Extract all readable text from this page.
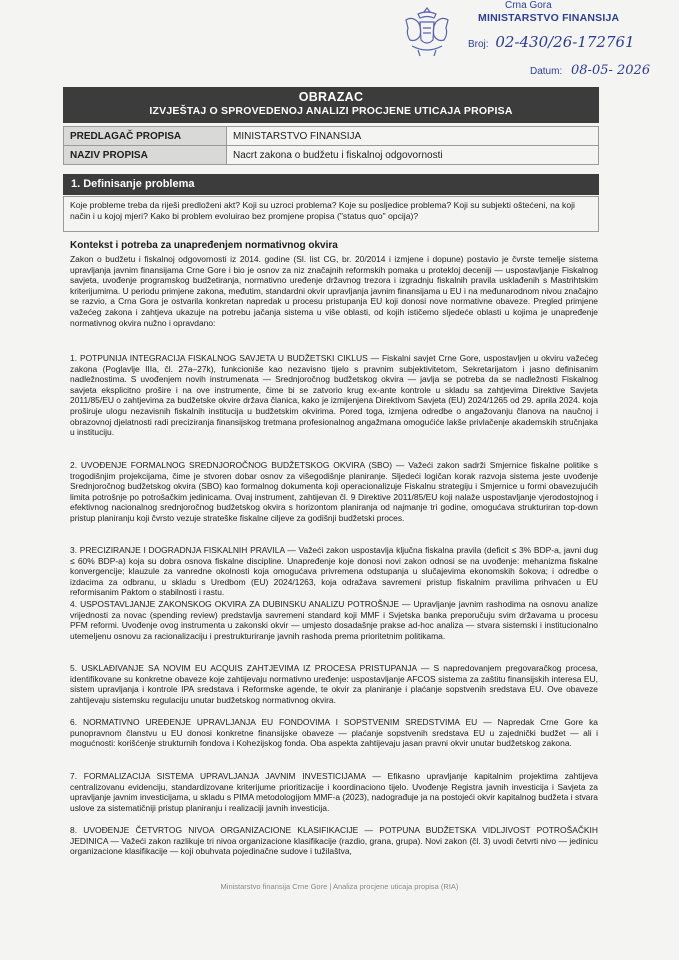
Crna Gora
MINISTARSTVO FINANSIJA
Broj: 02-430/26-172761
Datum: 08-05- 2026
OBRAZAC
IZVJEŠTAJ O SPROVEDENOJ ANALIZI PROCJENE UTICAJA PROPISA
PREDLAGAČ PROPISA	MINISTARSTVO FINANSIJA
NAZIV PROPISA	Nacrt zakona o budžetu i fiskalnoj odgovornosti
1. Definisanje problema
Koje probleme treba da riješi predloženi akt? Koji su uzroci problema? Koje su posljedice problema? Koji su subjekti oštećeni, na koji način i u kojoj mjeri? Kako bi problem evoluirao bez promjene propisa ("status quo" opcija)?
Kontekst i potreba za unapređenjem normativnog okvira

Zakon o budžetu i fiskalnoj odgovornosti iz 2014. godine (Sl. list CG, br. 20/2014 i izmjene i dopune) postavio je čvrste temelje sistema upravljanja javnim finansijama Crne Gore i bio je osnov za niz značajnih reformskih pomaka u protekloj deceniji — uspostavljanje Fiskalnog savjeta, uvođenje programskog budžetiranja, normativno uređenje državnog trezora i izgradnju fiskalnih pravila usklađenih s Mastrihtskim kriterijumima. U periodu primjene zakona, međutim, standardni okvir upravljanja javnim finansijama u EU i na međunarodnom nivou značajno se razvio, a Crna Gora je ostvarila konkretan napredak u procesu pristupanja EU koji donosi nove normativne obaveze. Pregled primjene važećeg zakona i zahtjeva ukazuje na potrebu jačanja sistema u više oblasti, od kojih ističemo sljedeće oblasti u kojima je unapređenje normativnog okvira nužno i opravdano:

1. POTPUNIJA INTEGRACIJA FISKALNOG SAVJETA U BUDŽETSKI CIKLUS — Fiskalni savjet Crne Gore, uspostavljen u okviru važećeg zakona (Poglavlje IIIa, čl. 27a–27k), funkcioniše kao nezavisno tijelo s pravnim subjektivitetom, Sekretarijatom i jasno definisanim nadležnostima. S uvođenjem novih instrumenata — Srednjoročnog budžetskog okvira — javlja se potreba da se nadležnosti Fiskalnog savjeta eksplicitno prošire i na ove instrumente, čime bi se zatvorio krug ex-ante kontrole u skladu sa zahtjevima Direktive Savjeta 2011/85/EU o zahtjevima za budžetske okvire država članica, kako je izmijenjena Direktivom Savjeta (EU) 2024/1265 od 29. aprila 2024. koja proširuje ulogu nezavisnih fiskalnih institucija u budžetskim okvirima. Pored toga, izmjena odredbe o angažovanju članova na naučnoj i obrazovnoj djelatnosti radi preciziranja finansijskog tretmana profesionalnog angažmana omogućiće lakše privlačenje akademskih stručnjaka u instituciju.

2. UVOĐENJE FORMALNOG SREDNJOROČNOG BUDŽETSKOG OKVIRA (SBO) — Važeći zakon sadrži Smjernice fiskalne politike s trogodišnjim projekcijama, čime je stvoren dobar osnov za višegodišnje planiranje. Sljedeći logičan korak razvoja sistema jeste uvođenje Srednjoročnog budžetskog okvira (SBO) kao formalnog dokumenta koji operacionalizuje Fiskalnu strategiju i Smjernice u formi obavezujućih limita potrošnje po potrošačkim jedinicama. Ovaj instrument, zahtijevan čl. 9 Direktive 2011/85/EU koji nalaže uspostavljanje vjerodostojnog i efektivnog nacionalnog srednjoročnog budžetskog okvira s horizontom planiranja od najmanje tri godine, omogućava strukturiran top-down pristup planiranju koji čvrsto vezuje strateške fiskalne ciljeve za godišnji budžetski proces.

3. PRECIZIRANJE I DOGRADNJA FISKALNIH PRAVILA — Važeći zakon uspostavlja ključna fiskalna pravila (deficit ≤ 3% BDP-a, javni dug ≤ 60% BDP-a) koja su dobra osnova fiskalne discipline. Unapređenje koje donosi novi zakon odnosi se na uvođenje: mehanizma fiskalne konvergencije; klauzule za vanredne okolnosti koja omogućava privremena odstupanja u slučajevima ekonomskih šokova; i odredbe o izdacima za odbranu, u skladu s Uredbom (EU) 2024/1263, koja odražava savremeni pristup fiskalnim pravilima prihvaćen u EU reformisanim Paktom o stabilnosti i rastu.

4. USPOSTAVLJANJE ZAKONSKOG OKVIRA ZA DUBINSKU ANALIZU POTROŠNJE — Upravljanje javnim rashodima na osnovu analize vrijednosti za novac (spending review) predstavlja savremeni standard koji MMF i Svjetska banka preporučuju svim državama u procesu PFM reformi. Uvođenje ovog instrumenta u zakonski okvir — umjesto dosadašnje prakse ad-hoc analiza — stvara sistemski i institucionalno utemeljenu osnovu za racionalizaciju i prestrukturiranje javnih rashoda prema prioritetnim politikama.

5. USKLAĐIVANJE SA NOVIM EU ACQUIS ZAHTJEVIMA IZ PROCESA PRISTUPANJA — S napredovanjem pregovaračkog procesa, identifikovane su konkretne obaveze koje zahtijevaju normativno uređenje: uspostavljanje AFCOS sistema za zaštitu finansijskih interesa EU, sistem upravljanja i kontrole IPA sredstava i Reformske agende, te okvir za planiranje i plaćanje sopstvenih sredstava EU. Ove obaveze zahtijevaju sistemsku regulaciju unutar budžetskog normativnog okvira.

6. NORMATIVNO UREĐENJE UPRAVLJANJA EU FONDOVIMA I SOPSTVENIM SREDSTVIMA EU — Napredak Crne Gore ka punopravnom članstvu u EU donosi konkretne finansijske obaveze — plaćanje sopstvenih sredstava EU u zajednički budžet — ali i mogućnosti: korišćenje strukturnih fondova i Kohezijskog fonda. Oba aspekta zahtijevaju jasan pravni okvir unutar budžetskog zakona.

7. FORMALIZACIJA SISTEMA UPRAVLJANJA JAVNIM INVESTICIJAMA — Efikasno upravljanje kapitalnim projektima zahtijeva centralizovanu evidenciju, standardizovane kriterijume prioritizacije i koordinaciono tijelo. Uvođenje Registra javnih investicija i Savjeta za upravljanje javnim investicijama, u skladu s PIMA metodologijom MMF-a (2023), nadograđuje ja na postojeći okvir kapitalnog budžeta i stvara uslove za sistematičniji pristup planiranju i realizaciji javnih investicija.

8. UVOĐENJE ČETVRTOG NIVOA ORGANIZACIONE KLASIFIKACIJE — POTPUNA BUDŽETSKA VIDLJIVOST POTROŠAČKIH JEDINICA — Važeći zakon razlikuje tri nivoa organizacione klasifikacije (razdio, grana, grupa). Novi zakon (čl. 3) uvodi četvrti nivo — jedinicu organizacione klasifikacije — koji obuhvata pojedinačne sudove i tužilaštva,

Ministarstvo finansija Crne Gore | Analiza procjene uticaja propisa (RIA)
